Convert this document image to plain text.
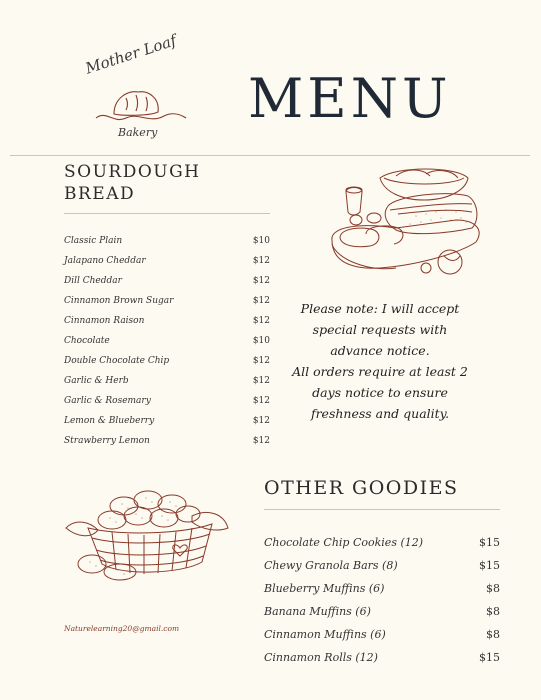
Mother Loaf
Bakery
MENU
SOURDOUGH
BREAD
Classic Plain	$10
Jalapano Cheddar	$12
Dill Cheddar	$12
Cinnamon Brown Sugar	$12
Cinnamon Raison	$12
Chocolate	$10
Double Chocolate Chip	$12
Garlic & Herb	$12
Garlic & Rosemary	$12
Lemon & Blueberry	$12
Strawberry Lemon	$12

Please note: I will accept special requests with advance notice.

All orders require at least 2 days notice to ensure freshness and quality.

OTHER GOODIES
Chocolate Chip Cookies (12)	$15
Chewy Granola Bars (8)	$15
Blueberry Muffins (6)	$8
Banana Muffins (6)	$8
Cinnamon Muffins (6)	$8
Cinnamon Rolls (12)	$15
Naturelearning20@gmail.com
